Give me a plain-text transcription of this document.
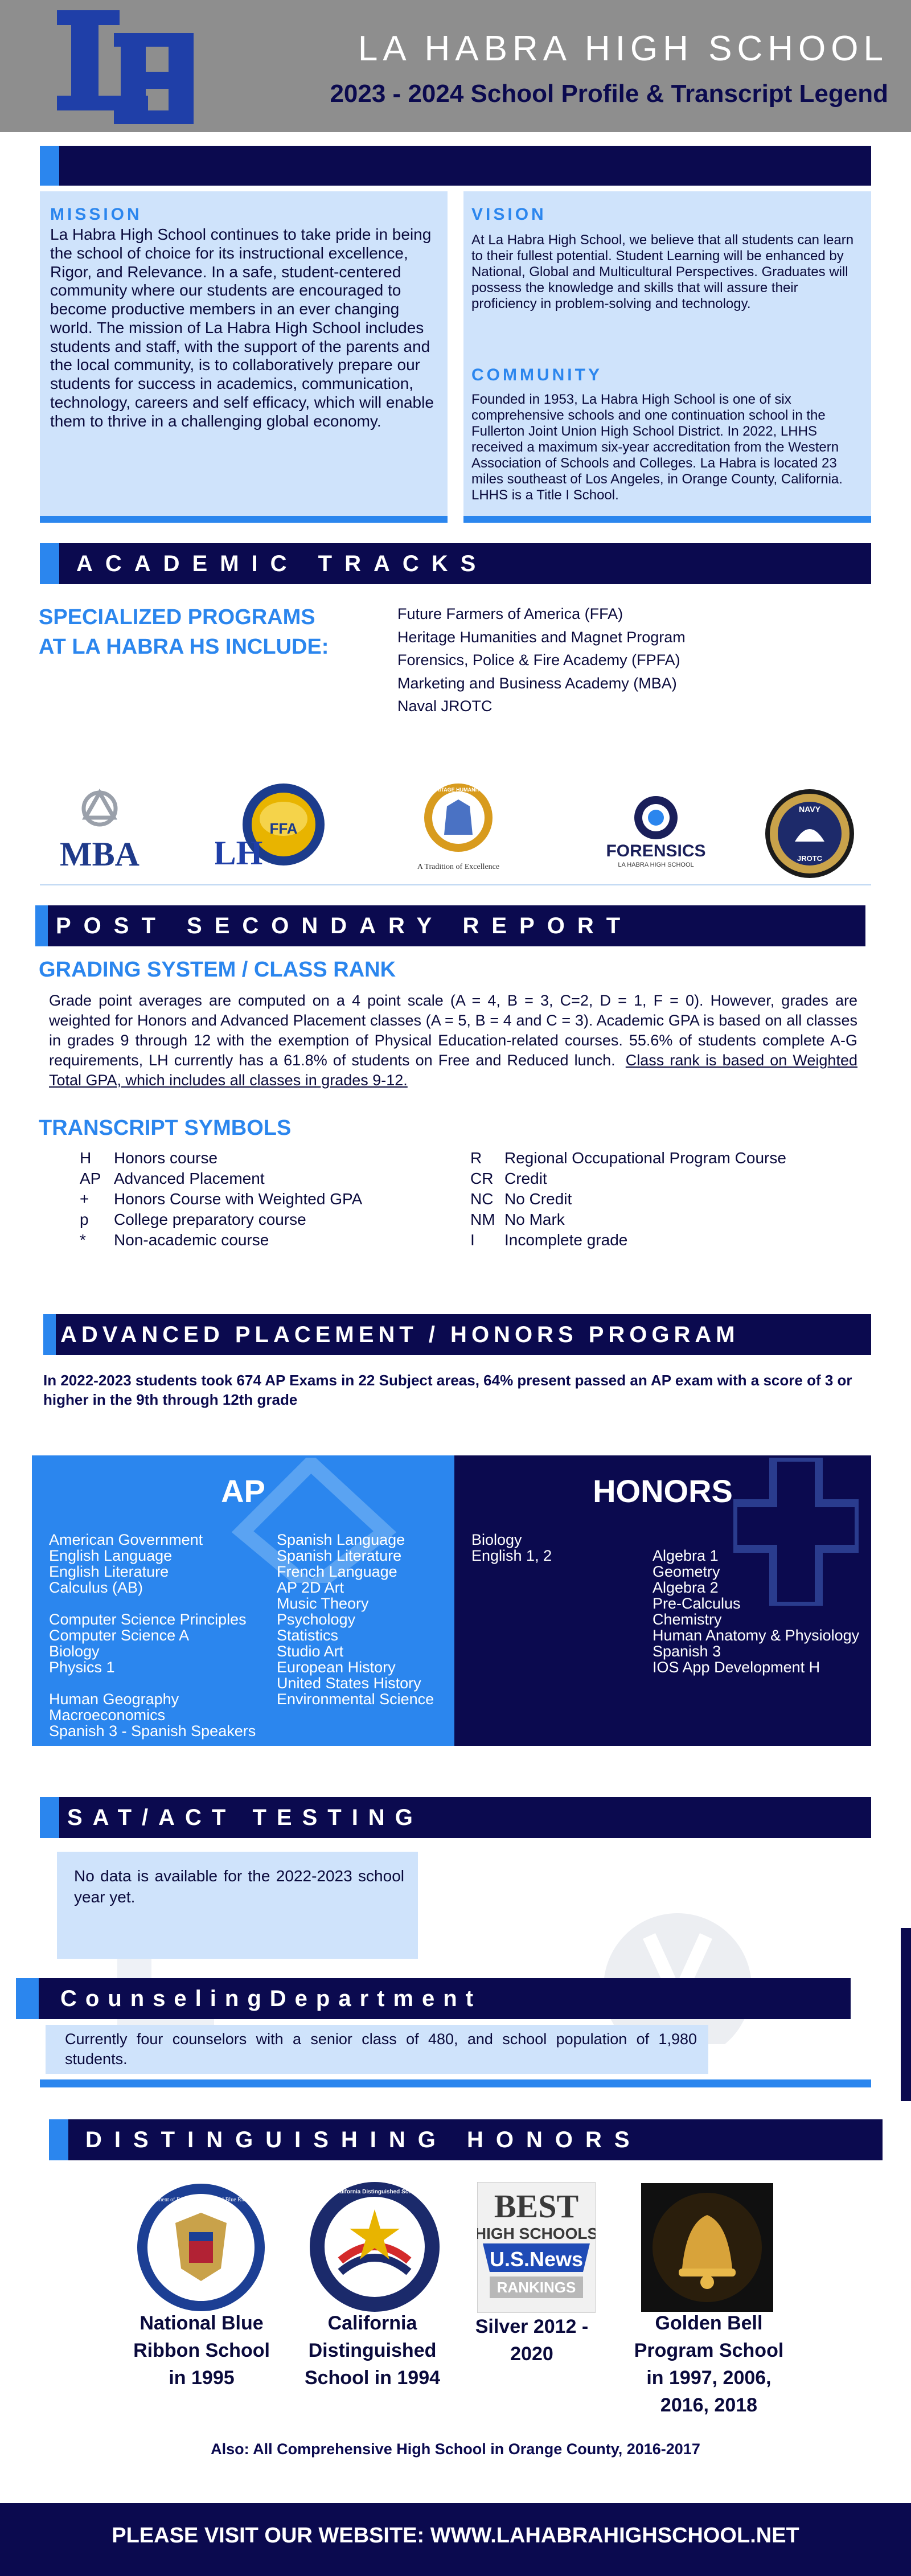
LA HABRA HIGH SCHOOL
2023 - 2024 School Profile & Transcript Legend
MISSION
La Habra High School continues to take pride in being the school of choice for its instructional excellence, Rigor, and Relevance. In a safe, student-centered community where our students are encouraged to become productive members in an ever changing world. The mission of La Habra High School includes students and staff, with the support of the parents and the local community, is to collaboratively prepare our students for success in academics, communication, technology, careers and self efficacy, which will enable them to thrive in a challenging global economy.
VISION
At La Habra High School, we believe that all students can learn to their fullest potential. Student Learning will be enhanced by National, Global and Multicultural Perspectives. Graduates will possess the knowledge and skills that will assure their proficiency in problem-solving and technology.
COMMUNITY
Founded in 1953, La Habra High School is one of six comprehensive schools and one continuation school in the Fullerton Joint Union High School District. In 2022, LHHS received a maximum six-year accreditation from the Western Association of Schools and Colleges. La Habra is located 23 miles southeast of Los Angeles, in Orange County, California. LHHS is a Title I School.
ACADEMIC TRACKS
SPECIALIZED PROGRAMS
AT LA HABRA HS INCLUDE:
Future Farmers of America (FFA)
Heritage Humanities and Magnet Program
Forensics, Police & Fire Academy (FPFA)
Marketing and Business Academy (MBA)
Naval JROTC
MBA
FFA
LH
HERITAGE HUMANITIES
A Tradition of Excellence
FORENSICS
LA HABRA HIGH SCHOOL
NAVY
JROTC
POST SECONDARY REPORT
GRADING SYSTEM / CLASS RANK
Grade point averages are computed on a 4 point scale (A = 4, B = 3, C=2, D = 1, F = 0). However, grades are weighted for Honors and Advanced Placement classes (A = 5, B = 4 and C = 3). Academic GPA is based on all classes in grades 9 through 12 with the exemption of Physical Education-related courses. 55.6% of students complete A-G requirements, LH currently has a 61.8% of students on Free and Reduced lunch. Class rank is based on Weighted Total GPA, which includes all classes in grades 9-12.
TRANSCRIPT SYMBOLS
H Honors course
AP Advanced Placement
+ Honors Course with Weighted GPA
p College preparatory course
* Non-academic course
R Regional Occupational Program Course
CR Credit
NC No Credit
NM No Mark
I Incomplete grade
ADVANCED PLACEMENT / HONORS PROGRAM
In 2022-2023 students took 674 AP Exams in 22 Subject areas, 64% present passed an AP exam with a score of 3 or higher in the 9th through 12th grade
AP
American Government
English Language
English Literature
Calculus (AB)
Computer Science Principles
Computer Science A
Biology
Physics 1
Human Geography
Macroeconomics
Spanish 3 - Spanish Speakers
Spanish Language
Spanish Literature
French Language
AP 2D Art
Music Theory
Psychology
Statistics
Studio Art
European History
United States History
Environmental Science
HONORS
Biology
English 1, 2	Algebra 1
Geometry
Algebra 2
Pre-Calculus
Chemistry
Human Anatomy & Physiology
Spanish 3
IOS App Development H
SAT/ACT TESTING
No data is available for the 2022-2023 school year yet.
CounselingDepartment
Currently four counselors with a senior class of 480, and school population of 1,980 students.
DISTINGUISHING HONORS
U.S. Department of Education · National Blue Ribbon School
A California Distinguished School BEST
HIGH SCHOOLS
U.S.News
RANKINGS
National Blue Ribbon School in 1995
California Distinguished School in 1994
Silver 2012 - 2020
Golden Bell Program School in 1997, 2006, 2016, 2018
Also: All Comprehensive High School in Orange County, 2016-2017
PLEASE VISIT OUR WEBSITE: WWW.LAHABRAHIGHSCHOOL.NET
